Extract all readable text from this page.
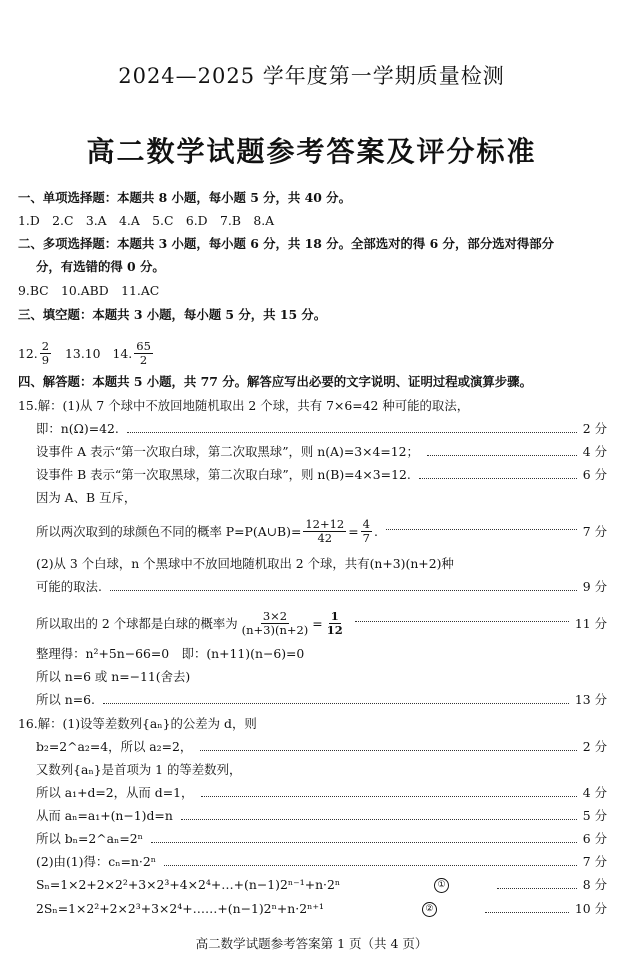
2024—2025 学年度第一学期质量检测
高二数学试题参考答案及评分标准
一、单项选择题：本题共 8 小题，每小题 5 分，共 40 分。
1.D　2.C　3.A　4.A　5.C　6.D　7.B　8.A
二、多项选择题：本题共 3 小题，每小题 6 分，共 18 分。全部选对的得 6 分，部分选对得部分
分，有选错的得 0 分。
9.BC　10.ABD　11.AC
三、填空题：本题共 3 小题，每小题 5 分，共 15 分。
12. $\frac{2}{9} 13.10$ 14. $\frac{65}{2}$
四、解答题：本题共 5 小题，共 77 分。解答应写出必要的文字说明、证明过程或演算步骤。
15.解：(1)从 7 个球中不放回地随机取出 2 个球，共有 7×6=42 种可能的取法，
即：n(Ω)=42.	2 分
设事件 A 表示“第一次取白球，第二次取黑球”，则 n(A)=3×4=12；	4 分
设事件 B 表示“第一次取黑球，第二次取白球”，则 n(B)=4×3=12.	6 分
因为 A、B 互斥，
所以两次取到的球颜色不同的概率 P=P(A∪B)= $\frac{12+12}{42} = \frac{4}{7}$ .	7 分
(2)从 3 个白球，n 个黑球中不放回地随机取出 2 个球，共有(n+3)(n+2)种
可能的取法.	9 分
所以取出的 2 个球都是白球的概率为 $\frac{3\times 2}{(n+3)(n+2)} = \frac{1}{12}$	11 分
整理得：n²+5n−66=0　即：(n+11)(n−6)=0
所以 n=6 或 n=−11(舍去)
所以 n=6.	13 分
16.解：(1)设等差数列{aₙ}的公差为 d，则
b₂=2^a₂=4，所以 a₂=2，	2 分
又数列{aₙ}是首项为 1 的等差数列，
所以 a₁+d=2，从而 d=1，	4 分
从而 aₙ=a₁+(n−1)d=n	5 分
所以 bₙ=2^aₙ=2ⁿ	6 分
(2)由(1)得：cₙ=n·2ⁿ	7 分
Sₙ=1×2+2×2²+3×2³+4×2⁴+…+(n−1)2ⁿ⁻¹+n·2ⁿ	①	8 分
2Sₙ=1×2²+2×2³+3×2⁴+……+(n−1)2ⁿ+n·2ⁿ⁺¹	②	10 分
高二数学试题参考答案第 1 页（共 4 页）
